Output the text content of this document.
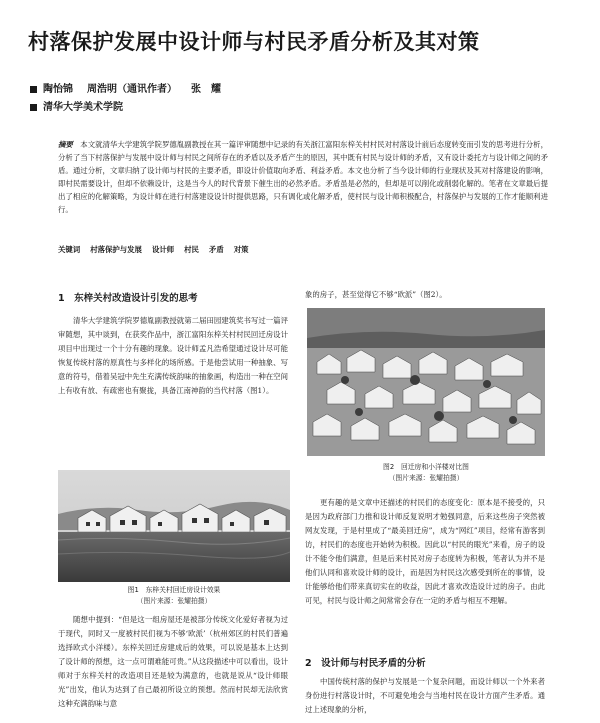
村落保护发展中设计师与村民矛盾分析及其对策
陶怡锦 周浩明（通讯作者） 张　耀
清华大学美术学院
摘要　 本文就清华大学建筑学院罗德胤副教授在其一篇评审随想中记录的有关浙江富阳东梓关村村民对村落设计前后态度转变而引发的思考进行分析，分析了当下村落保护与发展中设计师与村民之间所存在的矛盾以及矛盾产生的原因，其中既有村民与设计师的矛盾，又有设计委托方与设计师之间的矛盾。通过分析，文章归纳了设计师与村民的主要矛盾，即设计价值取向矛盾、利益矛盾。本文也分析了当今设计师的行业现状及其对村落建设的影响，即村民需要设计，但却不依赖设计，这是当今人的时代背景下催生出的必然矛盾。矛盾虽是必然的，但却是可以削化或削弱化解的。笔者在文章最后提出了相应的化解策略，为设计师在进行村落建设设计时提供思路，只有调化或化解矛盾，使村民与设计师积极配合，村落保护与发展的工作才能顺利进行。
关键词 村落保护与发展 设计师 村民 矛盾 对策
1　东梓关村改造设计引发的思考
清华大学建筑学院罗德胤副教授就第二届田园建筑奖书写过一篇评审随想，其中谈到，在获奖作品中，浙江富阳东梓关村村民回迁房设计项目中出现过一个十分有趣的现象。设计师孟凡浩希望通过设计尽可能恢复传统村落的原真性与多样化的场所感。于是他尝试用一种抽象、写意的符号，借着吴冠中先生充满传统韵味的抽象画，构造出一种在空间上有收有放、有疏密也有聚拢，具备江南神韵的当代村落（图1）。
图1　东梓关村回迁房设计效果
（图片来源：张耀拍摄）
随想中提到：“但是这一组房屋还是被部分传统文化爱好者视为过于现代，同时又一度被村民们视为不够‘欧派’（杭州郊区的村民们普遍选择欧式小洋楼）。东梓关回迁房建成后的效果，可以说是基本上达到了设计师的预想，这一点可谓难能可贵。”从这段描述中可以看出，设计师对于东梓关村的改造项目还是较为满意的，也就是说从“设计师眼光”出发，他认为达到了自己最初所设立的预想。然而村民却无法欣赏这种充满韵味与意
象的房子，甚至觉得它不够“欧派”（图2）。
图2　回迁房和小洋楼对比图
（图片来源：张耀拍摄）
更有趣的是文章中还描述的村民们的态度变化：原本是不接受的，只是因为政府部门力推和设计师反复说明才勉强同意，后来这些房子突然被网友发现，于是村里成了“最美回迁房”，成为“网红”项目，经常有游客到访，村民们的态度也开始转为积极。因此以“村民的眼光”来看，房子的设计不能令他们满意，但是后来村民对房子态度转为积极，笔者认为并不是他们认同和喜欢设计师的设计，而是因为村民这次感受到所在的事情，设计能够给他们带来真切实在的收益，因此才喜欢改造设计过的房子。由此可见，村民与设计师之间常常会存在一定的矛盾与相互不理解。
2　设计师与村民矛盾的分析
中国传统村落的保护与发展是一个复杂问题，而设计师以一个外来者身份进行村落设计时，不可避免地会与当地村民在设计方面产生矛盾。通过上述现象的分析，
